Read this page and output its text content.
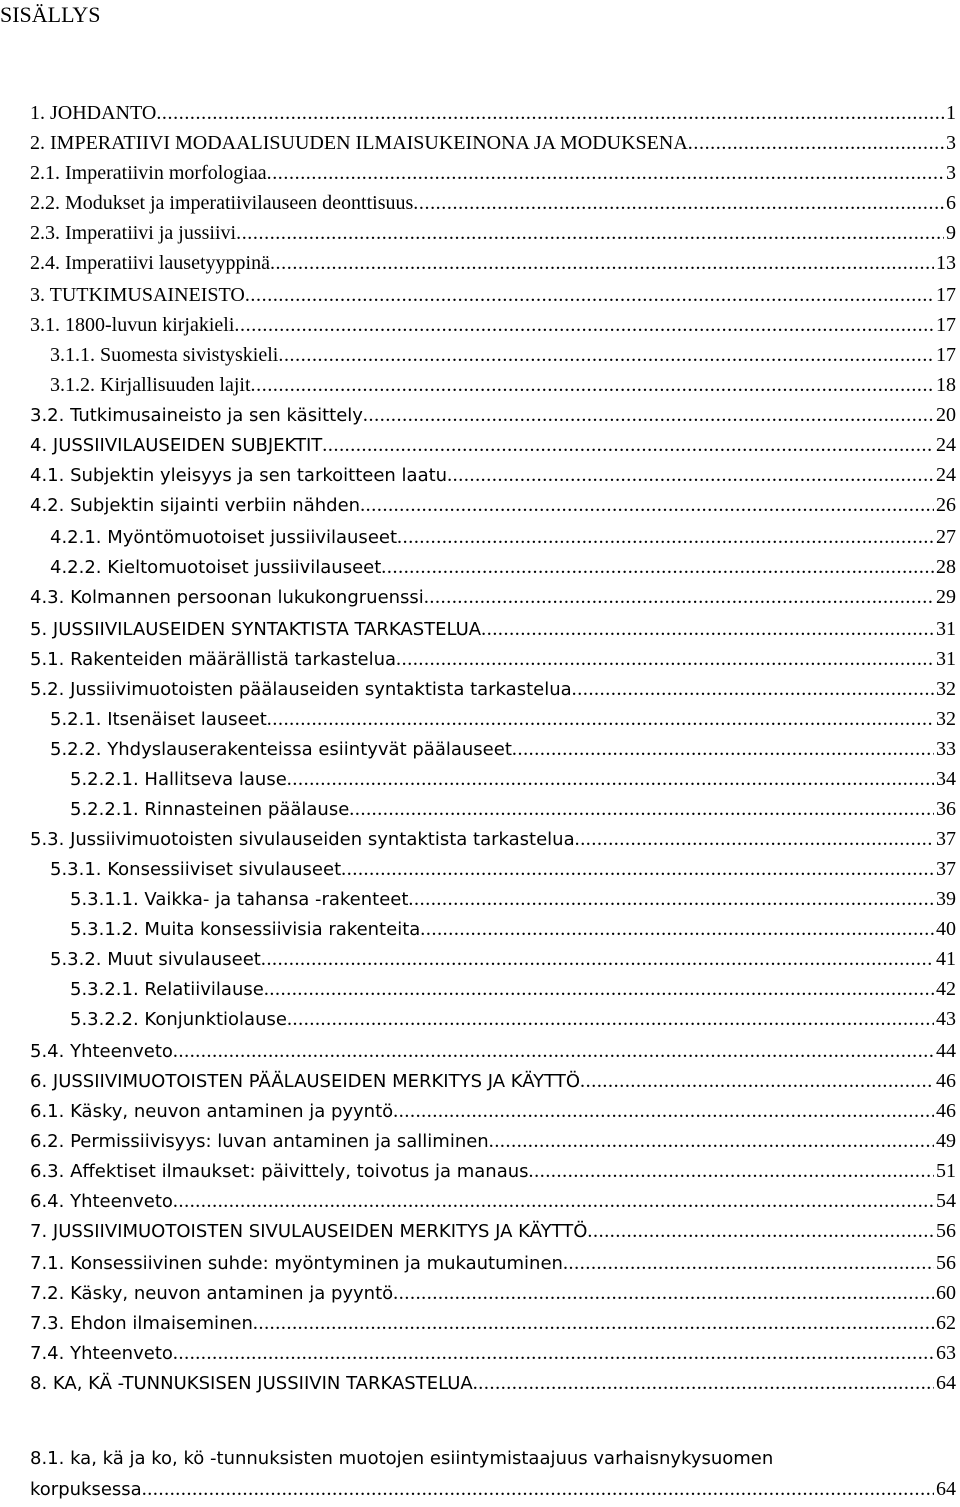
SISÄLLYS
1. JOHDANTO . . .	1
2. IMPERATIIVI MODAALISUUDEN ILMAISUKEINONA JA MODUKSENA . . .	3
2.1. Imperatiivin morfologiaa . . .	3
2.2. Modukset ja imperatiivilauseen deonttisuus . . .	6
2.3. Imperatiivi ja jussiivi . . .	9
2.4. Imperatiivi lausetyyppinä . . .	13
3. TUTKIMUSAINEISTO . . .	17
3.1. 1800-luvun kirjakieli . . .	17
3.1.1. Suomesta sivistyskieli . . .	17
3.1.2. Kirjallisuuden lajit . . .	18
3.2. Tutkimusaineisto ja sen käsittely . . .	20
4. JUSSIIVILAUSEIDEN SUBJEKTIT . . .	24
4.1. Subjektin yleisyys ja sen tarkoitteen laatu . . .	24
4.2. Subjektin sijainti verbiin nähden . . .	26
4.2.1. Myöntömuotoiset jussiivilauseet . . .	27
4.2.2. Kieltomuotoiset jussiivilauseet . . .	28
4.3. Kolmannen persoonan lukukongruenssi . . .	29
5. JUSSIIVILAUSEIDEN SYNTAKTISTA TARKASTELUA . . .	31
5.1. Rakenteiden määrällistä tarkastelua . . .	31
5.2. Jussiivimuotoisten päälauseiden syntaktista tarkastelua . . .	32
5.2.1. Itsenäiset lauseet . . .	32
5.2.2. Yhdyslauserakenteissa esiintyvät päälauseet . . .	33
5.2.2.1. Hallitseva lause . . .	34
5.2.2.1. Rinnasteinen päälause . . .	36
5.3. Jussiivimuotoisten sivulauseiden syntaktista tarkastelua . . .	37
5.3.1. Konsessiiviset sivulauseet . . .	37
5.3.1.1. Vaikka- ja tahansa -rakenteet . . .	39
5.3.1.2. Muita konsessiivisia rakenteita . . .	40
5.3.2. Muut sivulauseet . . .	41
5.3.2.1. Relatiivilause . . .	42
5.3.2.2. Konjunktiolause . . .	43
5.4. Yhteenveto . . .	44
6. JUSSIIVIMUOTOISTEN PÄÄLAUSEIDEN MERKITYS JA KÄYTTÖ . . .	46
6.1. Käsky, neuvon antaminen ja pyyntö . . .	46
6.2. Permissiivisyys: luvan antaminen ja salliminen . . .	49
6.3. Affektiset ilmaukset: päivittely, toivotus ja manaus . . .	51
6.4. Yhteenveto . . .	54
7. JUSSIIVIMUOTOISTEN SIVULAUSEIDEN MERKITYS JA KÄYTTÖ . . .	56
7.1. Konsessiivinen suhde: myöntyminen ja mukautuminen . . .	56
7.2. Käsky, neuvon antaminen ja pyyntö . . .	60
7.3. Ehdon ilmaiseminen . . .	62
7.4. Yhteenveto . . .	63
8. KA, KÄ -TUNNUKSISEN JUSSIIVIN TARKASTELUA . . .	64
8.1. ka, kä ja ko, kö -tunnuksisten muotojen esiintymistaajuus varhaisnykysuomen
korpuksessa . . .	64
